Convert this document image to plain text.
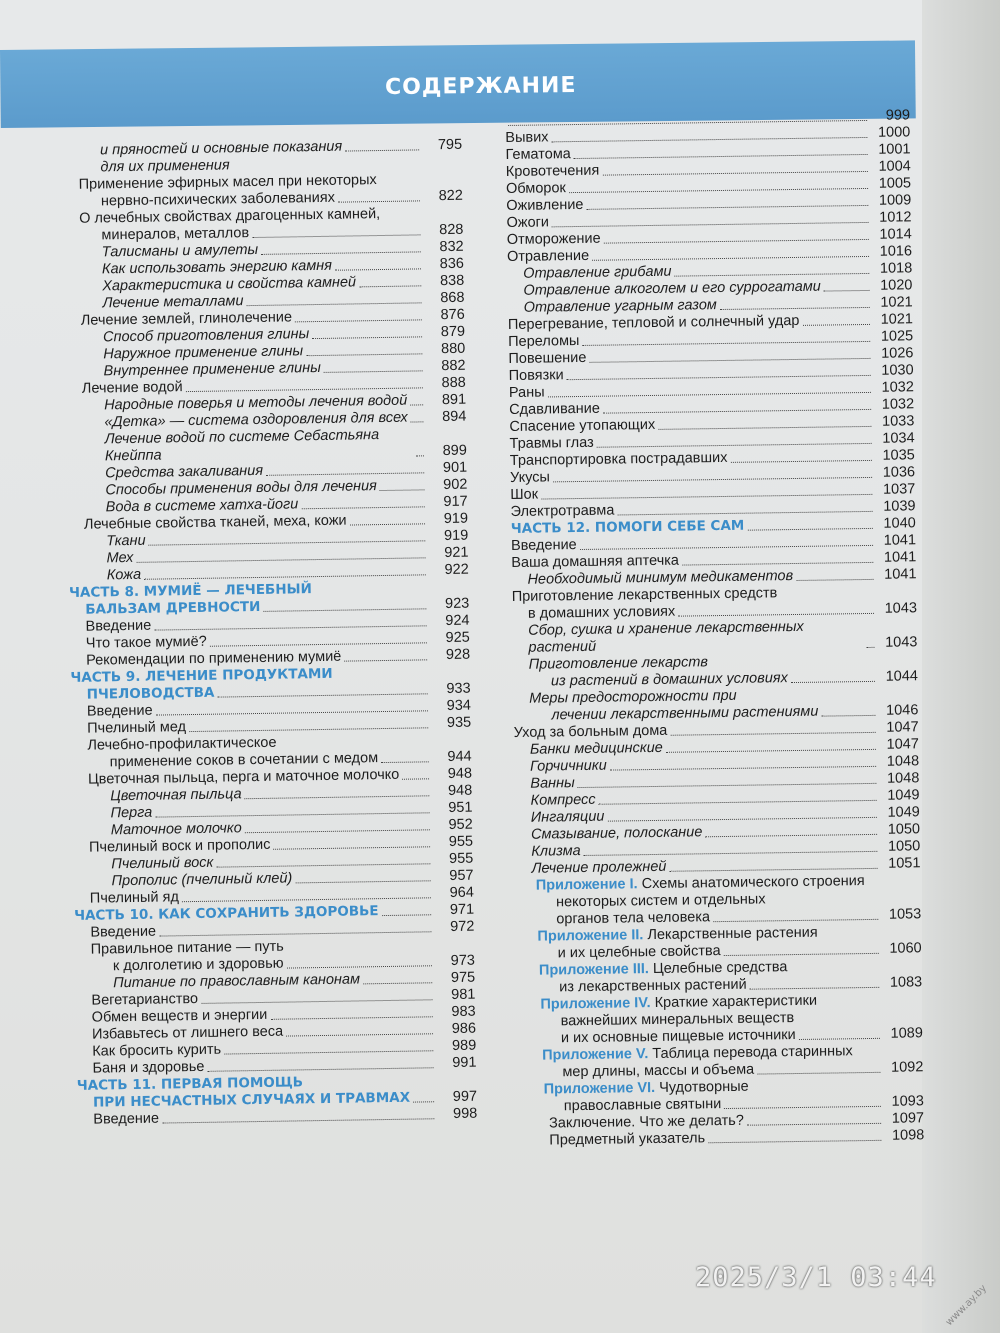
СОДЕРЖАНИЕ
и пряностей и основные показания	795
для их применения
Применение эфирных масел при некоторых
нервно-психических заболеваниях	822
О лечебных свойствах драгоценных камней,
минералов, металлов	828
Талисманы и амулеты	832
Как использовать энергию камня	836
Характеристика и свойства камней	838
Лечение металлами	868
Лечение землей, глинолечение	876
Способ приготовления глины	879
Наружное применение глины	880
Внутреннее применение глины	882
Лечение водой	888
Народные поверья и методы лечения водой	891
«Детка» — система оздоровления для всех	894
Лечение водой по системе Себастьяна Кнейппа	899
Средства закаливания	901
Способы применения воды для лечения	902
Вода в системе хатха-йоги	917
Лечебные свойства тканей, меха, кожи	919
Ткани	919
Мех	921
Кожа	922
ЧАСТЬ 8. МУМИЁ — ЛЕЧЕБНЫЙ
БАЛЬЗАМ ДРЕВНОСТИ	923
Введение	924
Что такое мумиё?	925
Рекомендации по применению мумиё	928
ЧАСТЬ 9. ЛЕЧЕНИЕ ПРОДУКТАМИ
ПЧЕЛОВОДСТВА	933
Введение	934
Пчелиный мед	935
Лечебно-профилактическое
применение соков в сочетании с медом	944
Цветочная пыльца, перга и маточное молочко	948
Цветочная пыльца	948
Перга	951
Маточное молочко	952
Пчелиный воск и прополис	955
Пчелиный воск	955
Прополис (пчелиный клей)	957
Пчелиный яд	964
ЧАСТЬ 10. КАК СОХРАНИТЬ ЗДОРОВЬЕ	971
Введение	972
Правильное питание — путь
к долголетию и здоровью	973
Питание по православным канонам	975
Вегетарианство	981
Обмен веществ и энергии	983
Избавьтесь от лишнего веса	986
Как бросить курить	989
Баня и здоровье	991
ЧАСТЬ 11. ПЕРВАЯ ПОМОЩЬ
ПРИ НЕСЧАСТНЫХ СЛУЧАЯХ И ТРАВМАХ	997
Введение	998
999
Вывих	1000
Гематома	1001
Кровотечения	1004
Обморок	1005
Оживление	1009
Ожоги	1012
Отморожение	1014
Отравление	1016
Отравление грибами	1018
Отравление алкоголем и его суррогатами	1020
Отравление угарным газом	1021
Перегревание, тепловой и солнечный удар	1021
Переломы	1025
Повешение	1026
Повязки	1030
Раны	1032
Сдавливание	1032
Спасение утопающих	1033
Травмы глаз	1034
Транспортировка пострадавших	1035
Укусы	1036
Шок	1037
Электротравма	1039
ЧАСТЬ 12. ПОМОГИ СЕБЕ САМ	1040
Введение	1041
Ваша домашняя аптечка	1041
Необходимый минимум медикаментов	1041
Приготовление лекарственных средств
в домашних условиях	1043
Сбор, сушка и хранение лекарственных растений	1043
Приготовление лекарств
из растений в домашних условиях	1044
Меры предосторожности при
лечении лекарственными растениями	1046
Уход за больным дома	1047
Банки медицинские	1047
Горчичники	1048
Ванны	1048
Компресс	1049
Ингаляции	1049
Смазывание, полоскание	1050
Клизма	1050
Лечение пролежней	1051
Приложение I. Схемы анатомического строения
некоторых систем и отдельных
органов тела человека	1053
Приложение II. Лекарственные растения
и их целебные свойства	1060
Приложение III. Целебные средства
из лекарственных растений	1083
Приложение IV. Краткие характеристики
важнейших минеральных веществ
и их основные пищевые источники	1089
Приложение V. Таблица перевода старинных
мер длины, массы и объема	1092
Приложение VI. Чудотворные
православные святыни	1093
Заключение. Что же делать?	1097
Предметный указатель	1098
2025/3/1 03:44
www.ay.by
